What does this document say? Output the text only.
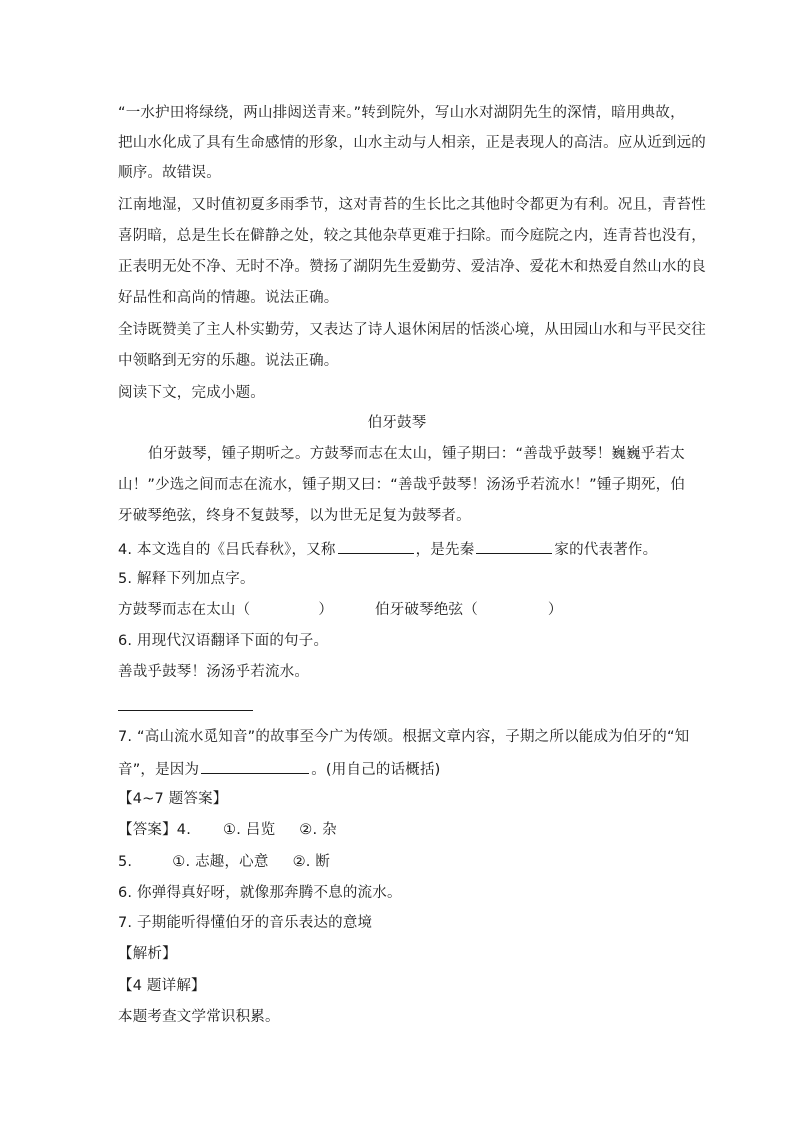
“一水护田将绿绕，两山排闼送青来。”转到院外，写山水对湖阴先生的深情，暗用典故，
把山水化成了具有生命感情的形象，山水主动与人相亲，正是表现人的高洁。应从近到远的
顺序。故错误。
江南地湿，又时值初夏多雨季节，这对青苔的生长比之其他时令都更为有利。况且，青苔性
喜阴暗，总是生长在僻静之处，较之其他杂草更难于扫除。而今庭院之内，连青苔也没有，
正表明无处不净、无时不净。赞扬了湖阴先生爱勤劳、爱洁净、爱花木和热爱自然山水的良
好品性和高尚的情趣。说法正确。
全诗既赞美了主人朴实勤劳，又表达了诗人退休闲居的恬淡心境，从田园山水和与平民交往
中领略到无穷的乐趣。说法正确。
阅读下文，完成小题。
伯牙鼓琴
伯牙鼓琴，锺子期听之。方鼓琴而志在太山，锺子期曰：“善哉乎鼓琴！巍巍乎若太
山！”少选之间而志在流水，锺子期又曰：“善哉乎鼓琴！汤汤乎若流水！”锺子期死，伯
牙破琴绝弦，终身不复鼓琴，以为世无足复为鼓琴者。
4. 本文选自的《吕氏春秋》，又称	，是先秦	家的代表著作。
5. 解释下列加点字。
方鼓琴而志在太山（	）	伯牙破琴绝弦（	）
6. 用现代汉语翻译下面的句子。
善哉乎鼓琴！汤汤乎若流水。
7. “高山流水觅知音”的故事至今广为传颂。根据文章内容，子期之所以能成为伯牙的“知
音”，是因为	。(用自己的话概括)
【4~7 题答案】
【答案】4. ①. 吕览 ②. 杂
5.	①. 志趣，心意 ②. 断
6. 你弹得真好呀，就像那奔腾不息的流水。
7. 子期能听得懂伯牙的音乐表达的意境
【解析】
【4 题详解】
本题考查文学常识积累。
